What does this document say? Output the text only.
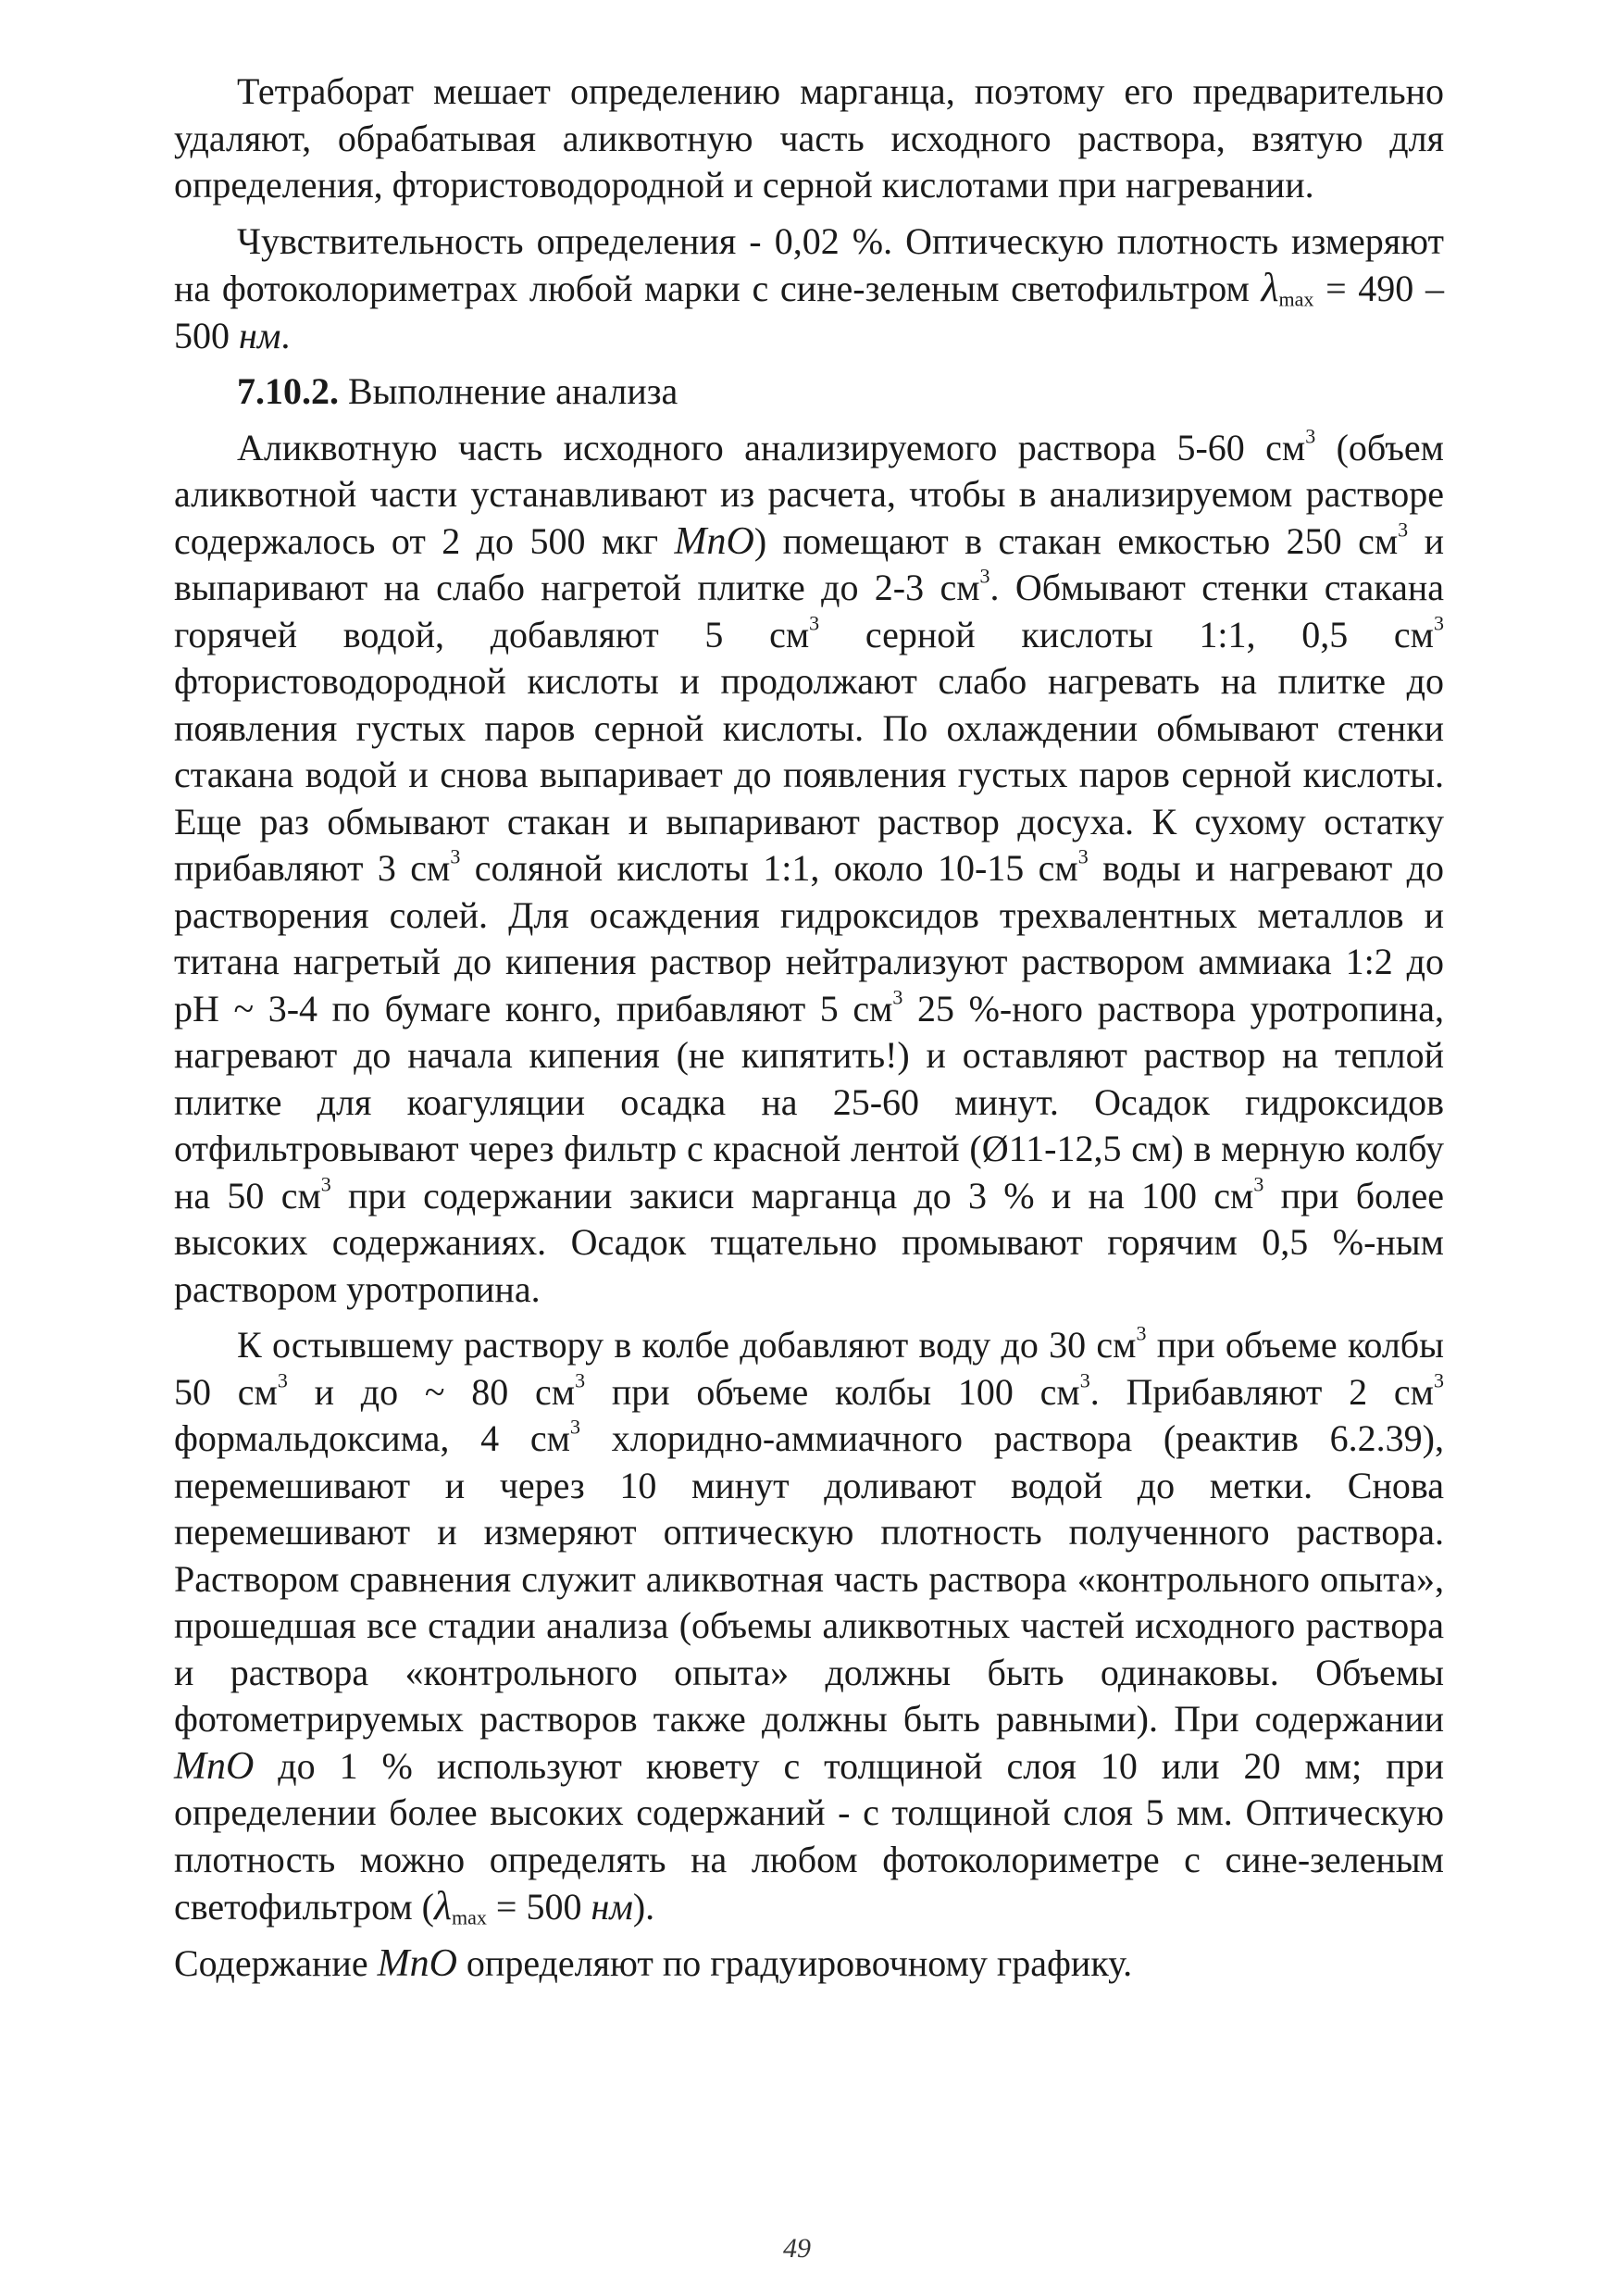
Тетраборат мешает определению марганца, поэтому его предварительно удаляют, обрабатывая аликвотную часть исходного раствора, взятую для определения, фтористоводородной и серной кислотами при нагревании.

Чувствительность определения - 0,02 %. Оптическую плотность измеряют на фотоколориметрах любой марки с сине-зеленым светофильтром $\lambda_{max} = 490 - 500$ нм.

7.10.2. Выполнение анализа

Аликвотную часть исходного анализируемого раствора 5-60 $см^3$ (объем аликвотной части устанавливают из расчета, чтобы в анализируемом растворе содержалось от 2 до 500 мкг MnO) помещают в стакан емкостью 250 $см^3$ и выпаривают на слабо нагретой плитке до 2-3 $см^3$. Обмывают стенки стакана горячей водой, добавляют 5 $см^3$ серной кислоты 1:1, 0,5 $см^3$ фтористоводородной кислоты и продолжают слабо нагревать на плитке до появления густых паров серной кислоты. По охлаждении обмывают стенки стакана водой и снова выпаривает до появления густых паров серной кислоты. Еще раз обмывают стакан и выпаривают раствор досуха. К сухому остатку прибавляют 3 $см^3$ соляной кислоты 1:1, около 10-15 $см^3$ воды и нагревают до растворения солей. Для осаждения гидроксидов трехвалентных металлов и титана нагретый до кипения раствор нейтрализуют раствором аммиака 1:2 до pH ~ 3-4 по бумаге конго, прибавляют 5 $см^3$ 25 %-ного раствора уротропина, нагревают до начала кипения (не кипятить!) и оставляют раствор на теплой плитке для коагуляции осадка на 25-60 минут. Осадок гидроксидов отфильтровывают через фильтр с красной лентой (Ø11-12,5 см) в мерную колбу на 50 $см^3$ при содержании закиси марганца до 3 % и на 100 $см^3$ при более высоких содержаниях. Осадок тщательно промывают горячим 0,5 %-ным раствором уротропина.

К остывшему раствору в колбе добавляют воду до 30 $см^3$ при объеме колбы 50 $см^3$ и до ~ 80 $см^3$ при объеме колбы 100 $см^3$. Прибавляют 2 $см^3$ формальдоксима, 4 $см^3$ хлоридно-аммиачного раствора (реактив 6.2.39), перемешивают и через 10 минут доливают водой до метки. Снова перемешивают и измеряют оптическую плотность полученного раствора. Раствором сравнения служит аликвотная часть раствора «контрольного опыта», прошедшая все стадии анализа (объемы аликвотных частей исходного раствора и раствора «контрольного опыта» должны быть одинаковы. Объемы фотометрируемых растворов также должны быть равными). При содержании MnO до 1 % используют кювету с толщиной слоя 10 или 20 мм; при определении более высоких содержаний - с толщиной слоя 5 мм. Оптическую плотность можно определять на любом фотоколориметре с сине-зеленым светофильтром ($\lambda_{max} = 500$ нм).

Содержание MnO определяют по градуировочному графику.

49
